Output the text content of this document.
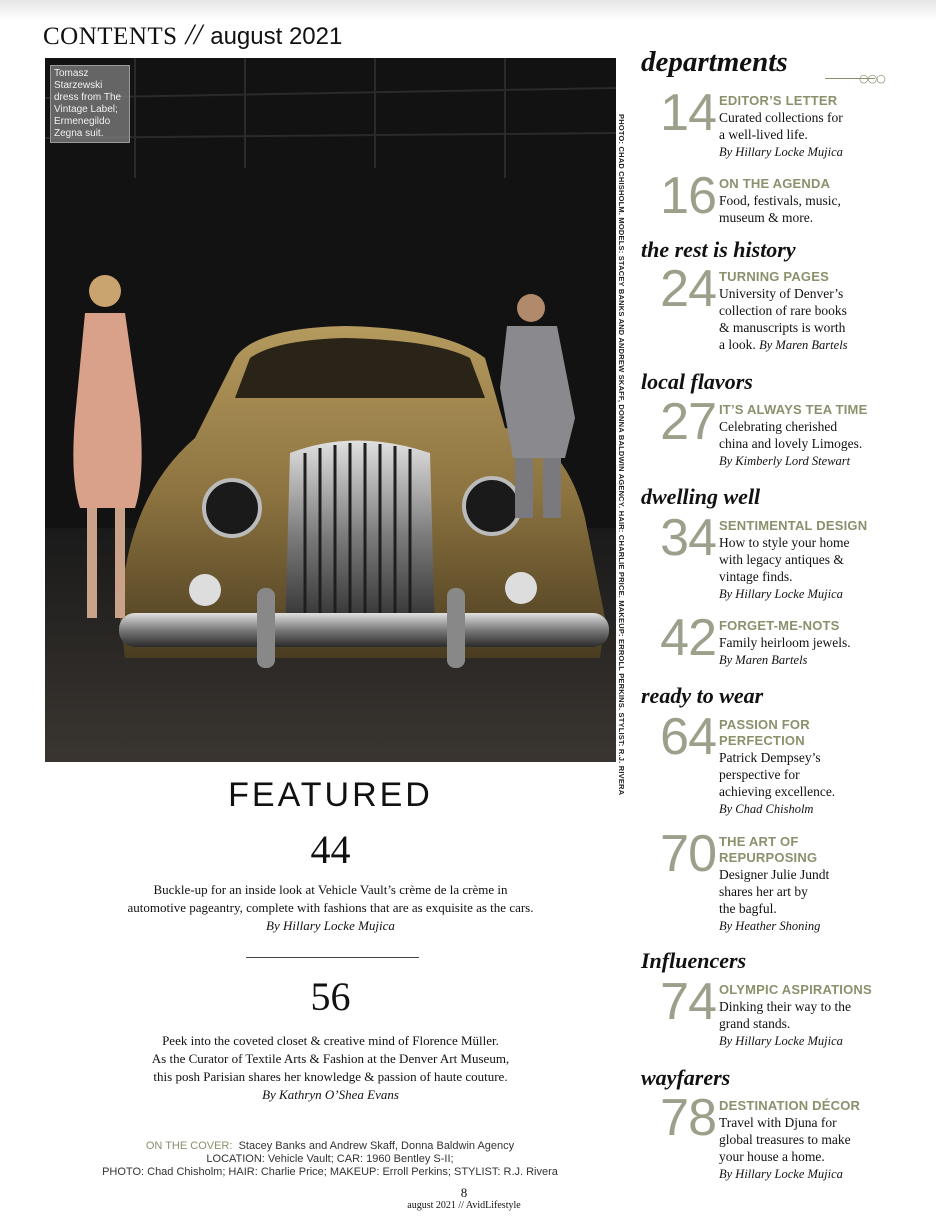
CONTENTS // august 2021
Tomasz Starzewski dress from The Vintage Label; Ermenegildo Zegna suit.	PHOTO: CHAD CHISHOLM. MODELS: STACEY BANKS AND ANDREW SKAFF, DONNA BALDWIN AGENCY. HAIR: CHARLIE PRICE. MAKEUP: ERROLL PERKINS. STYLIST: R.J. RIVERA
FEATURED
44
Buckle-up for an inside look at Vehicle Vault’s crème de la crème in
automotive pageantry, complete with fashions that are as exquisite as the cars.
By Hillary Locke Mujica
56
Peek into the coveted closet & creative mind of Florence Müller.
As the Curator of Textile Arts & Fashion at the Denver Art Museum,
this posh Parisian shares her knowledge & passion of haute couture.
By Kathryn O’Shea Evans
ON THE COVER: Stacey Banks and Andrew Skaff, Donna Baldwin Agency
LOCATION: Vehicle Vault; CAR: 1960 Bentley S-II;
PHOTO: Chad Chisholm; HAIR: Charlie Price; MAKEUP: Erroll Perkins; STYLIST: R.J. Rivera
8
august 2021 // AvidLifestyle
departments
○○○
14 EDITOR’S LETTER
Curated collections for
a well-lived life.
By Hillary Locke Mujica
16 ON THE AGENDA
Food, festivals, music,
museum & more.
the rest is history
24 TURNING PAGES
University of Denver’s
collection of rare books
& manuscripts is worth
a look. By Maren Bartels
local flavors
27 IT’S ALWAYS TEA TIME
Celebrating cherished
china and lovely Limoges.
By Kimberly Lord Stewart
dwelling well
34 SENTIMENTAL DESIGN
How to style your home
with legacy antiques &
vintage finds.
By Hillary Locke Mujica
42 FORGET-ME-NOTS
Family heirloom jewels.
By Maren Bartels
ready to wear
64 PASSION FOR
PERFECTION
Patrick Dempsey’s
perspective for
achieving excellence.
By Chad Chisholm
70 THE ART OF
REPURPOSING
Designer Julie Jundt
shares her art by
the bagful.
By Heather Shoning
Influencers
74 OLYMPIC ASPIRATIONS
Dinking their way to the
grand stands.
By Hillary Locke Mujica
wayfarers
78 DESTINATION DÉCOR
Travel with Djuna for
global treasures to make
your house a home.
By Hillary Locke Mujica
